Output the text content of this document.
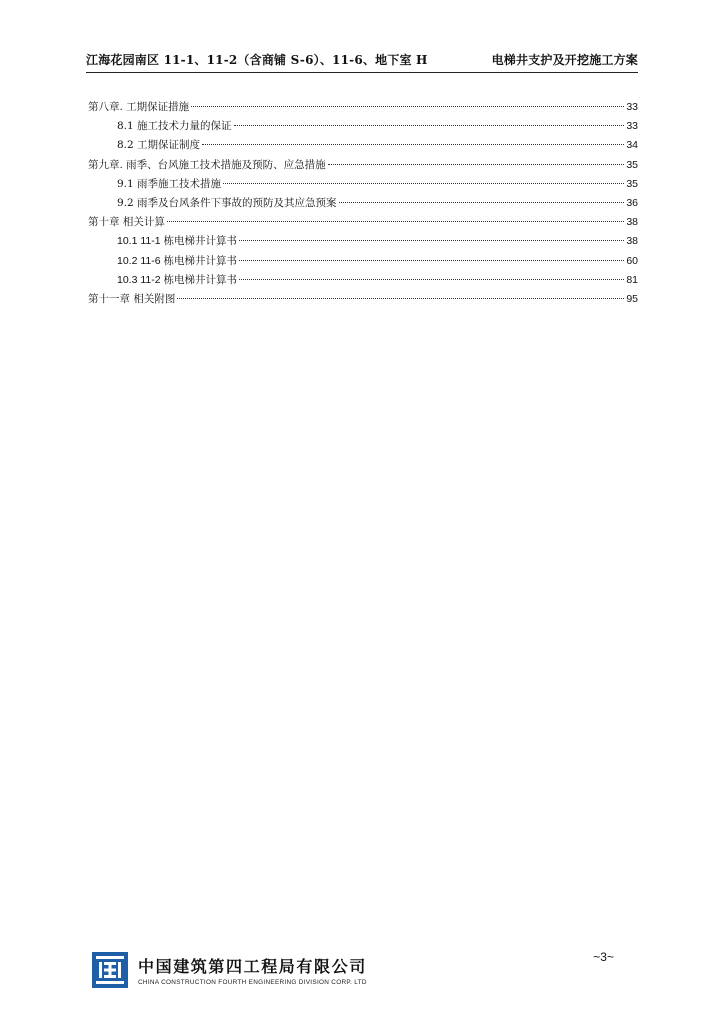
江海花园南区 11-1、11-2（含商铺 S-6）、11-6、地下室 H	电梯井支护及开挖施工方案
第八章. 工期保证措施	33
8.1 施工技术力量的保证	33
8.2 工期保证制度	34
第九章. 雨季、台风施工技术措施及预防、应急措施	35
9.1 雨季施工技术措施	35
9.2 雨季及台风条件下事故的预防及其应急预案	36
第十章 相关计算	38
10.1 11-1 栋电梯井计算书	38
10.2 11-6 栋电梯井计算书	60
10.3 11-2 栋电梯井计算书	81
第十一章 相关附图	95
中国建筑第四工程局有限公司
CHINA CONSTRUCTION FOURTH ENGINEERING DIVISION CORP. LTD
~3~
